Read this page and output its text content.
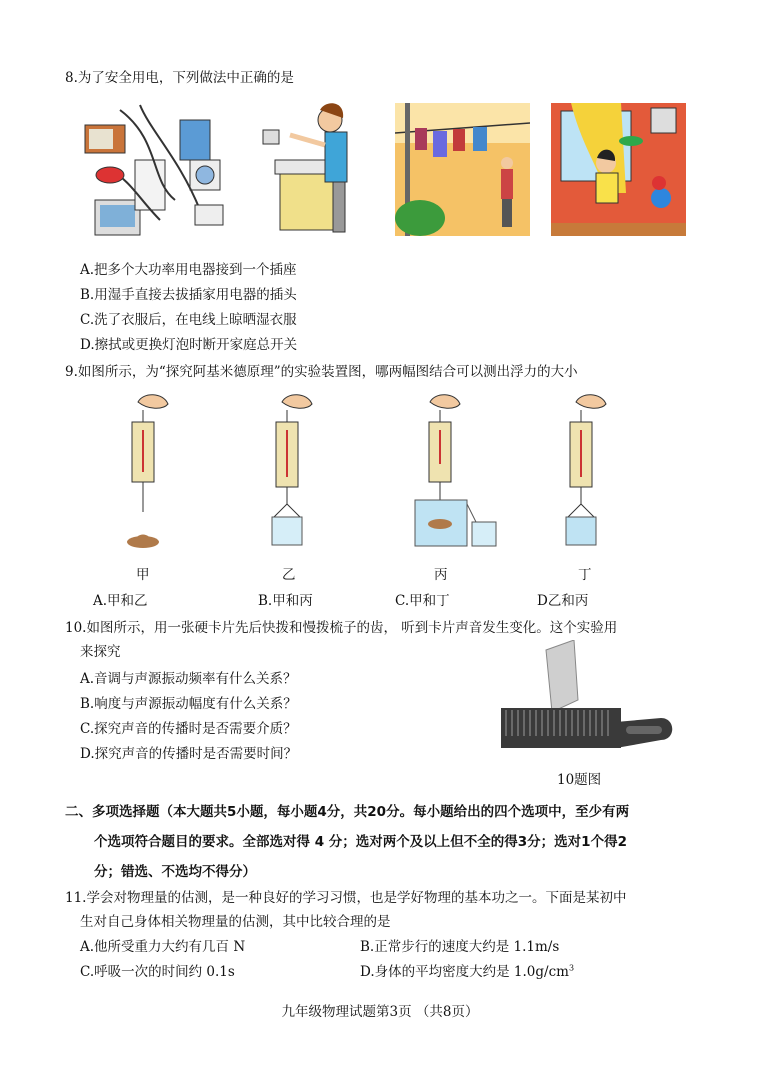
8.为了安全用电，下列做法中正确的是
A.把多个大功率用电器接到一个插座
B.用湿手直接去拔插家用电器的插头
C.洗了衣服后，在电线上晾晒湿衣服
D.擦拭或更换灯泡时断开家庭总开关
9.如图所示，为“探究阿基米德原理”的实验装置图，哪两幅图结合可以测出浮力的大小
甲	乙	丙	丁
A.甲和乙	B.甲和丙	C.甲和丁	D乙和丙
10.如图所示，用一张硬卡片先后快拨和慢拨梳子的齿， 听到卡片声音发生变化。这个实验用
来探究
A.音调与声源振动频率有什么关系？
B.响度与声源振动幅度有什么关系？
C.探究声音的传播时是否需要介质？
D.探究声音的传播时是否需要时间？
10题图
二、多项选择题（本大题共5小题，每小题4分，共20分。每小题给出的四个选项中，至少有两
个选项符合题目的要求。全部选对得 4 分；选对两个及以上但不全的得3分；选对1个得2
分；错选、不选均不得分）
11.学会对物理量的估测，是一种良好的学习习惯，也是学好物理的基本功之一。下面是某初中
生对自己身体相关物理量的估测，其中比较合理的是
A.他所受重力大约有几百 N	B.正常步行的速度大约是 1.1m/s
C.呼吸一次的时间约 0.1s	D.身体的平均密度大约是 $1.0g/cm^3$
九年级物理试题第3页 （共8页）
